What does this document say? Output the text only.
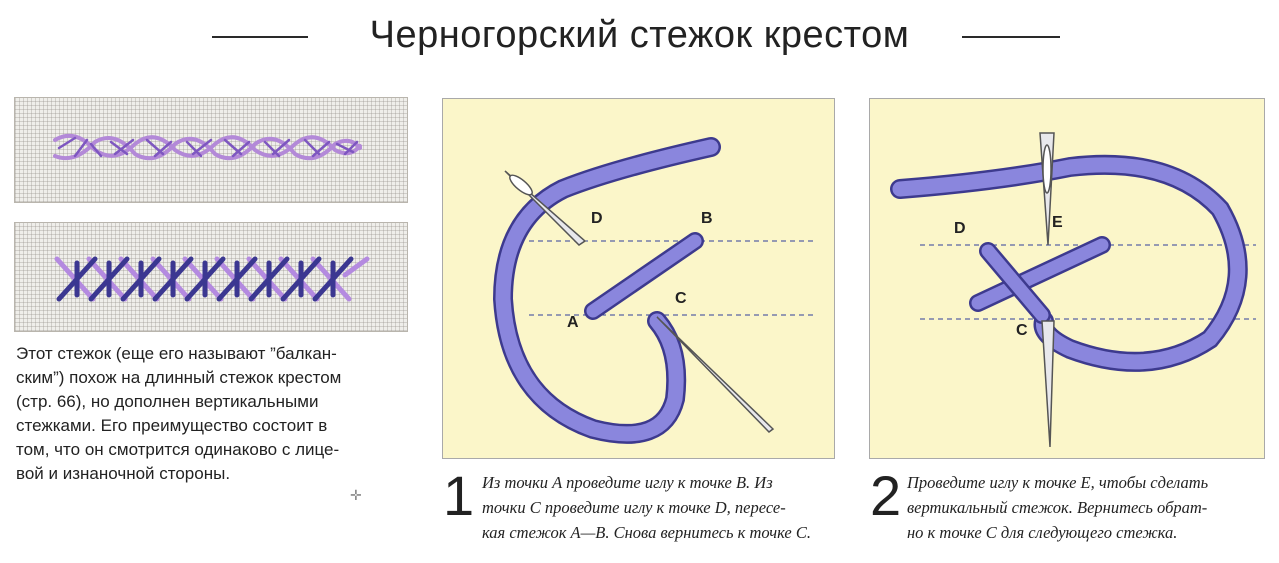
Черногорский стежок крестом
Этот стежок (еще его называют ”балкан-
ским”) похож на длинный стежок крестом
(стр. 66), но дополнен вертикальными
стежками. Его преимущество состоит в
том, что он смотрится одинаково с лице-
вой и изнаночной стороны.
D	B
A
C
D	E
C
1 Из точки A проведите иглу к точке B. Из
точки C проведите иглу к точке D, пересе-
кая стежок A—B. Снова вернитесь к точке C.
2 Проведите иглу к точке E, чтобы сделать
вертикальный стежок. Вернитесь обрат-
но к точке C для следующего стежка.
✛
